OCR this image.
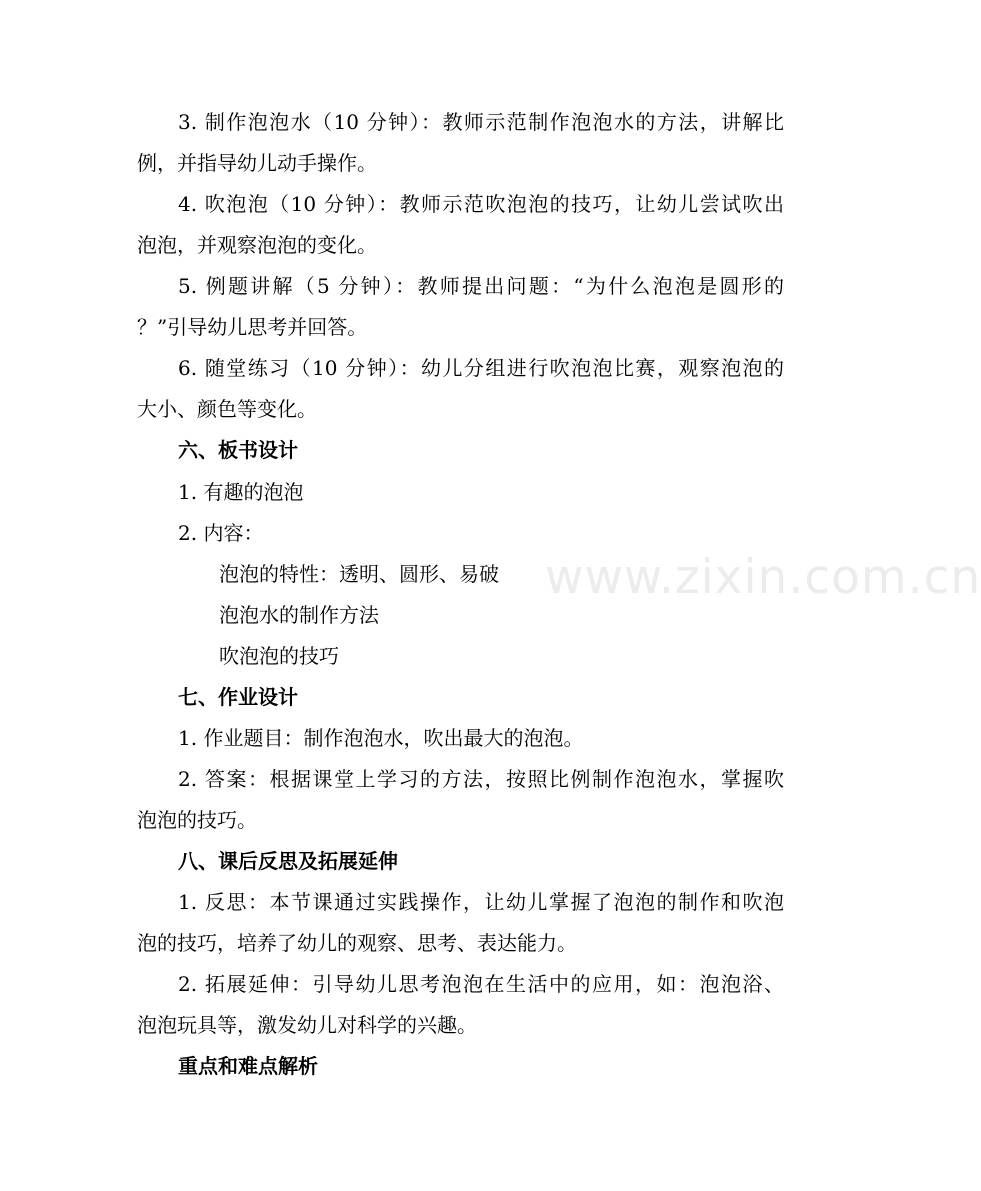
www.zixin.com.cn

3. 制作泡泡水（10 分钟）：教师示范制作泡泡水的方法，讲解比

例，并指导幼儿动手操作。

4. 吹泡泡（10 分钟）：教师示范吹泡泡的技巧，让幼儿尝试吹出

泡泡，并观察泡泡的变化。

5. 例题讲解（5 分钟）：教师提出问题：“为什么泡泡是圆形的

？”引导幼儿思考并回答。

6. 随堂练习（10 分钟）：幼儿分组进行吹泡泡比赛，观察泡泡的

大小、颜色等变化。

六、板书设计

1. 有趣的泡泡

2. 内容：

泡泡的特性：透明、圆形、易破

泡泡水的制作方法

吹泡泡的技巧

七、作业设计

1. 作业题目：制作泡泡水，吹出最大的泡泡。

2. 答案：根据课堂上学习的方法，按照比例制作泡泡水，掌握吹

泡泡的技巧。

八、课后反思及拓展延伸

1. 反思：本节课通过实践操作，让幼儿掌握了泡泡的制作和吹泡

泡的技巧，培养了幼儿的观察、思考、表达能力。

2. 拓展延伸：引导幼儿思考泡泡在生活中的应用，如：泡泡浴、

泡泡玩具等，激发幼儿对科学的兴趣。

重点和难点解析
